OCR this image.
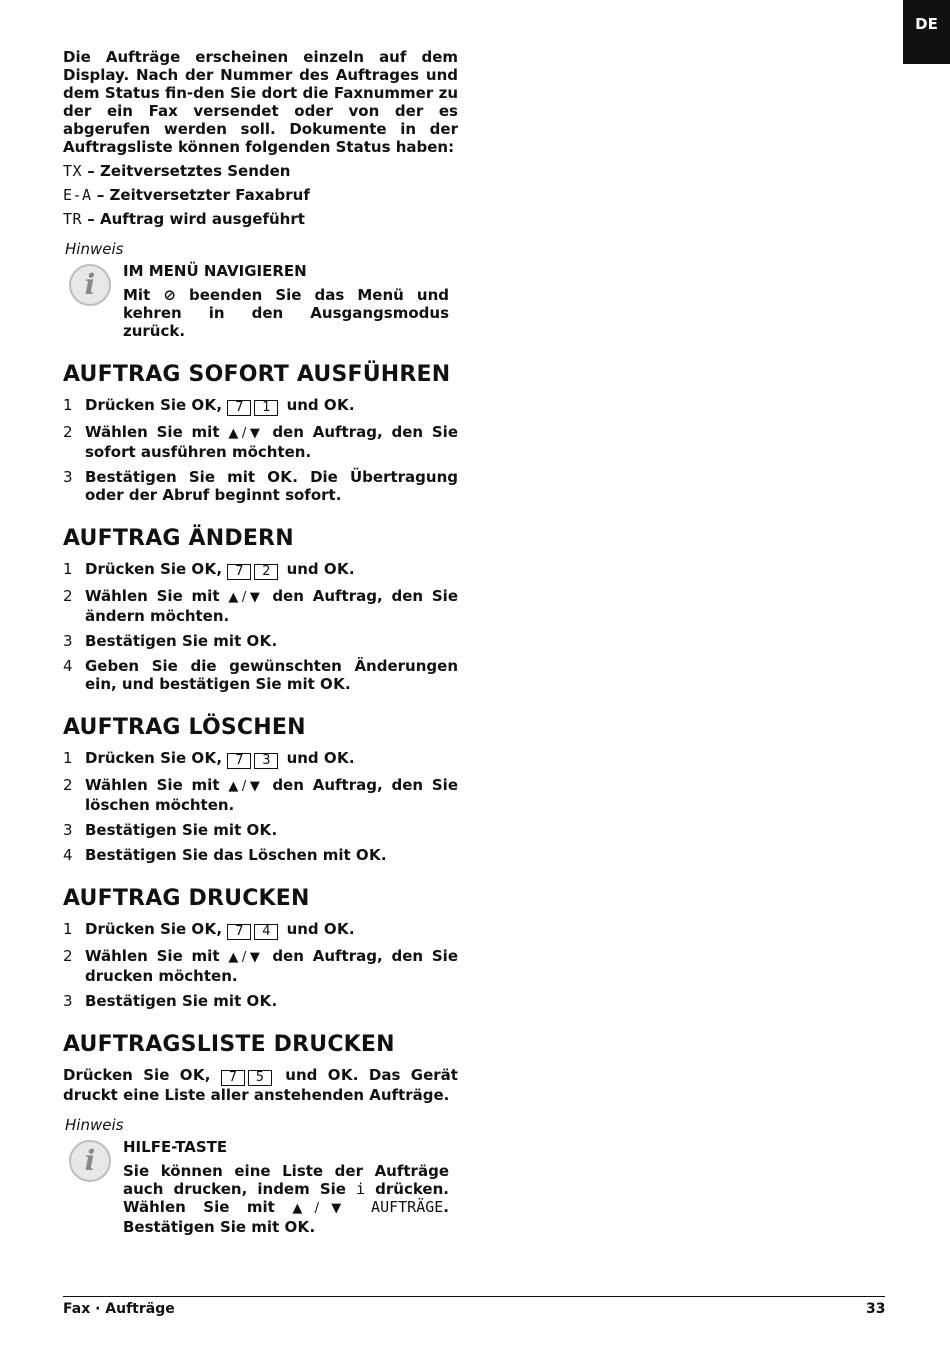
DE

Die Aufträge erscheinen einzeln auf dem Display. Nach der Nummer des Auftrages und dem Status fin-den Sie dort die Faxnummer zu der ein Fax versendet oder von der es abgerufen werden soll. Dokumente in der Auftragsliste können folgenden Status haben:

TX – Zeitversetztes Senden
E-A – Zeitversetzter Faxabruf
TR – Auftrag wird ausgeführt
Hinweis
i IM MENÜ NAVIGIEREN
Mit ⊘ beenden Sie das Menü und kehren in den Ausgangsmodus zurück.
AUFTRAG SOFORT AUSFÜHREN
1 Drücken Sie OK, 7 1 und OK.
2 Wählen Sie mit ▲/▼ den Auftrag, den Sie sofort ausführen möchten.
3 Bestätigen Sie mit OK. Die Übertragung oder der Abruf beginnt sofort.
AUFTRAG ÄNDERN
1 Drücken Sie OK, 7 2 und OK.
2 Wählen Sie mit ▲/▼ den Auftrag, den Sie ändern möchten.
3 Bestätigen Sie mit OK.
4 Geben Sie die gewünschten Änderungen ein, und bestätigen Sie mit OK.
AUFTRAG LÖSCHEN
1 Drücken Sie OK, 7 3 und OK.
2 Wählen Sie mit ▲/▼ den Auftrag, den Sie löschen möchten.
3 Bestätigen Sie mit OK.
4 Bestätigen Sie das Löschen mit OK.
AUFTRAG DRUCKEN
1 Drücken Sie OK, 7 4 und OK.
2 Wählen Sie mit ▲/▼ den Auftrag, den Sie drucken möchten.
3 Bestätigen Sie mit OK.
AUFTRAGSLISTE DRUCKEN

Drücken Sie OK, 7 5 und OK. Das Gerät druckt eine Liste aller anstehenden Aufträge.

Hinweis
i HILFE-TASTE
Sie können eine Liste der Aufträge auch drucken, indem Sie i drücken. Wählen Sie mit ▲/▼ AUFTRÄGE. Bestätigen Sie mit OK.
Fax · Aufträge	33
